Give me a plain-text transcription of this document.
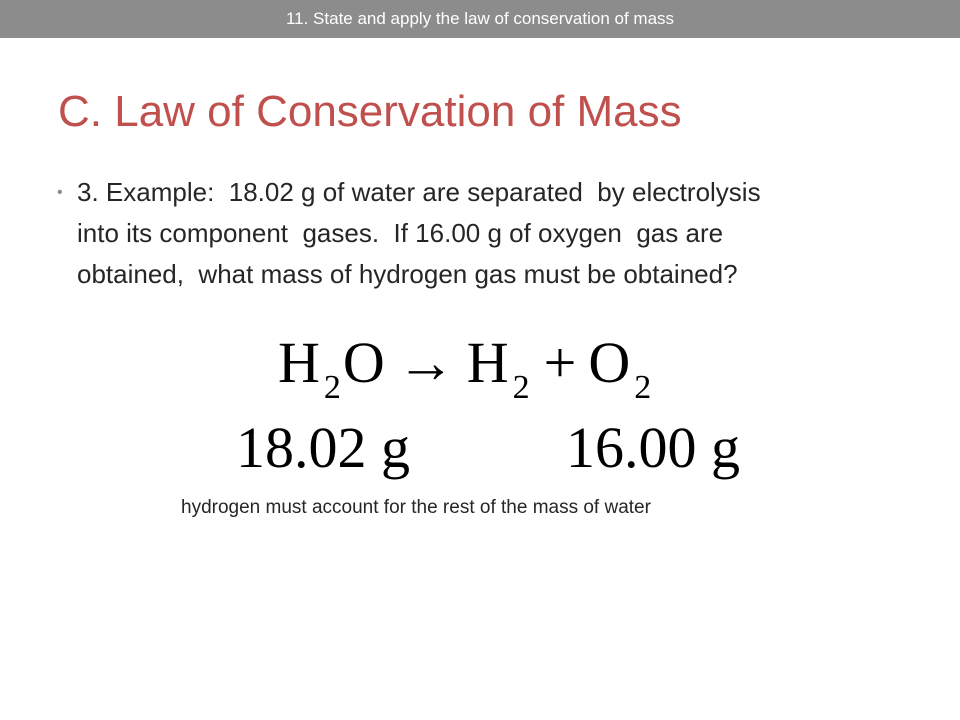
11. State and apply the law of conservation of mass
C. Law of Conservation of Mass
• 3. Example:  18.02 g of water are separated  by electrolysis
into its component  gases.  If 16.00 g of oxygen  gas are
obtained,  what mass of hydrogen gas must be obtained?

H $_2$O → H $_2$ + O $_2$
18.02 g	16.00 g
hydrogen must account for the rest of the mass of water
